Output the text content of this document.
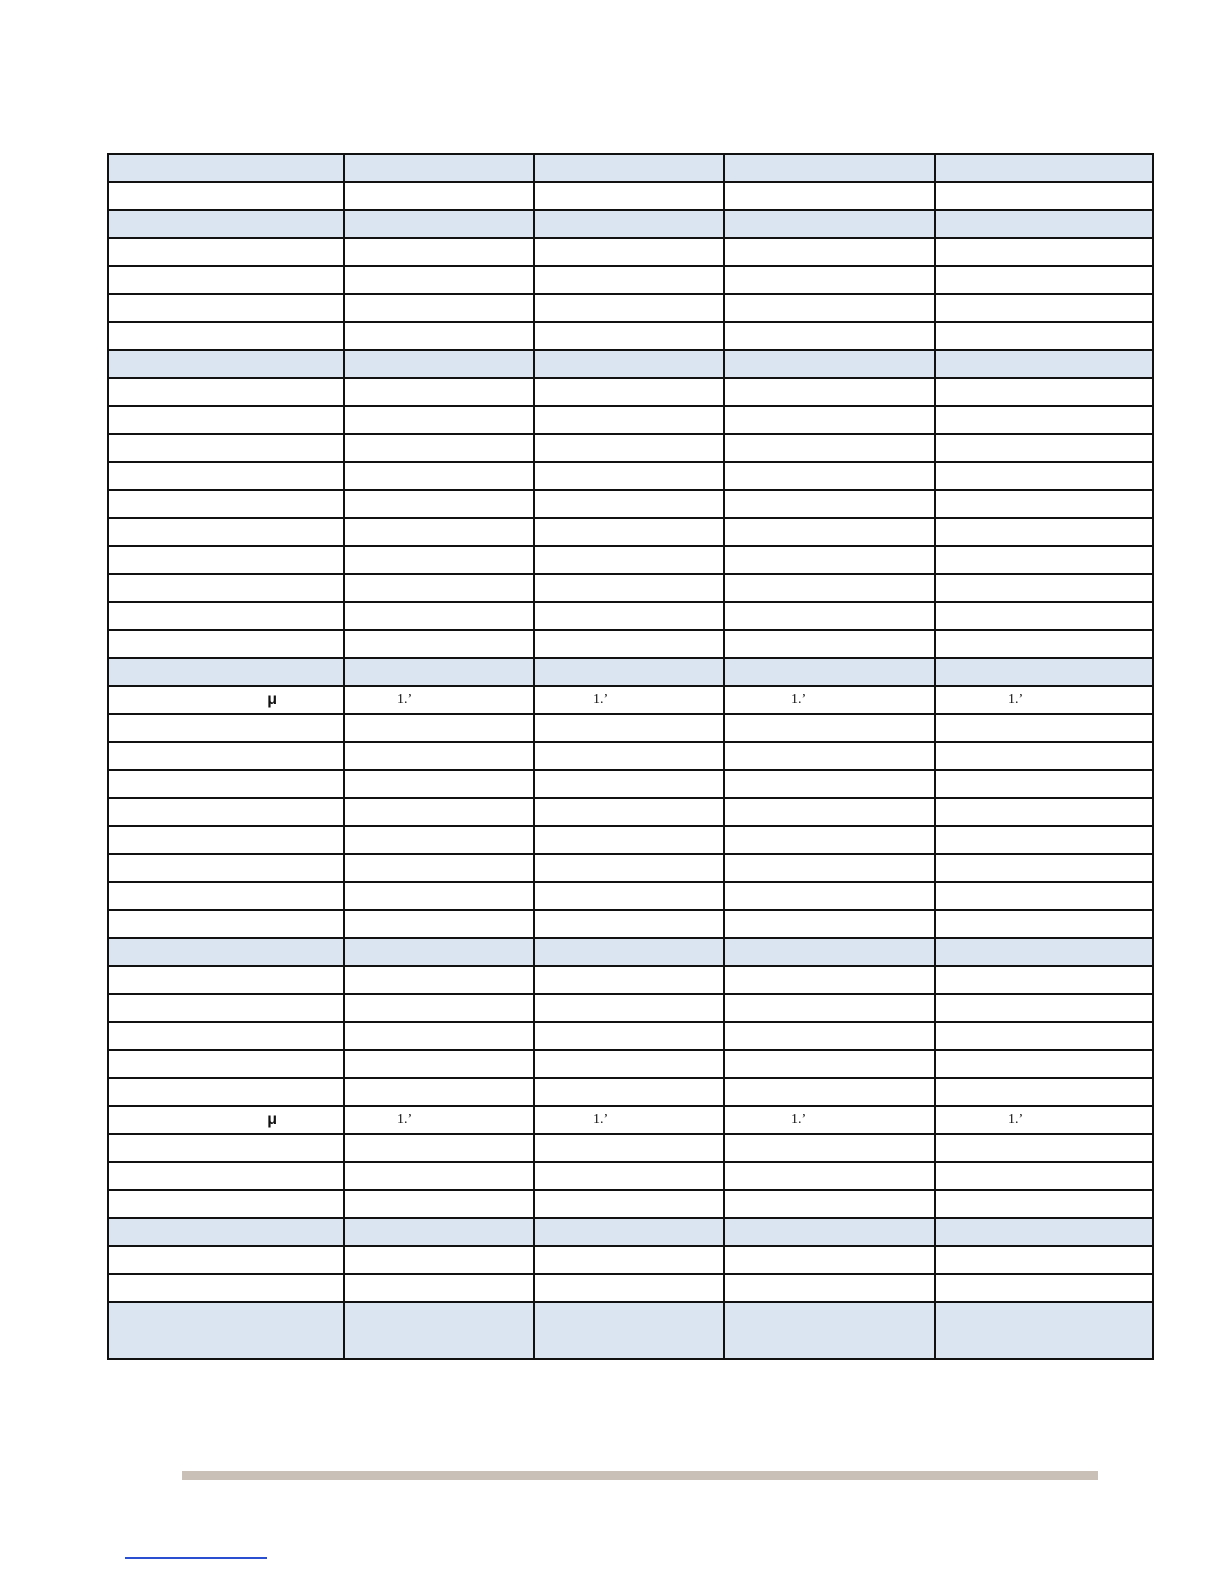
μ	1.’	1.’	1.’	1.’

μ	1.’	1.’	1.’	1.’
